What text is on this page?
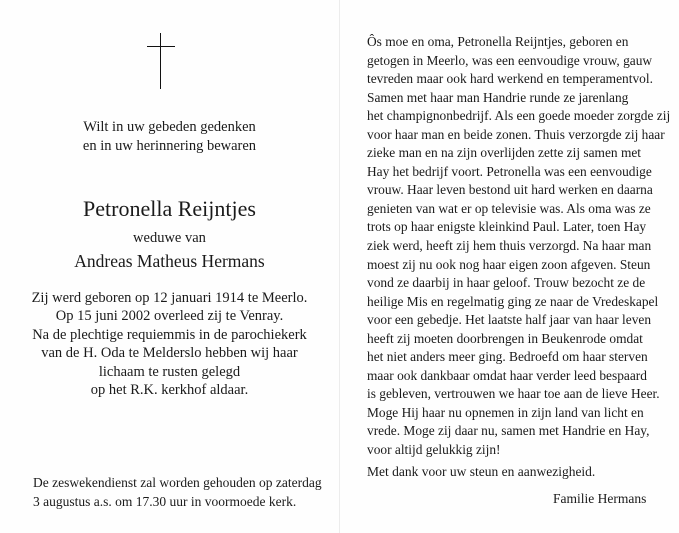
Wilt in uw gebeden gedenken
en in uw herinnering bewaren
Petronella Reijntjes
weduwe van
Andreas Matheus Hermans
Zij werd geboren op 12 januari 1914 te Meerlo.
Op 15 juni 2002 overleed zij te Venray.
Na de plechtige requiemmis in de parochiekerk
van de H. Oda te Melderslo hebben wij haar
lichaam te rusten gelegd
op het R.K. kerkhof aldaar.
De zeswekendienst zal worden gehouden op zaterdag
3 augustus a.s. om 17.30 uur in voormoede kerk.
Ôs moe en oma, Petronella Reijntjes, geboren en
getogen in Meerlo, was een eenvoudige vrouw, gauw
tevreden maar ook hard werkend en temperamentvol.
Samen met haar man Handrie runde ze jarenlang
het champignonbedrijf. Als een goede moeder zorgde zij
voor haar man en beide zonen. Thuis verzorgde zij haar
zieke man en na zijn overlijden zette zij samen met
Hay het bedrijf voort. Petronella was een eenvoudige
vrouw. Haar leven bestond uit hard werken en daarna
genieten van wat er op televisie was. Als oma was ze
trots op haar enigste kleinkind Paul. Later, toen Hay
ziek werd, heeft zij hem thuis verzorgd. Na haar man
moest zij nu ook nog haar eigen zoon afgeven. Steun
vond ze daarbij in haar geloof. Trouw bezocht ze de
heilige Mis en regelmatig ging ze naar de Vredeskapel
voor een gebedje. Het laatste half jaar van haar leven
heeft zij moeten doorbrengen in Beukenrode omdat
het niet anders meer ging. Bedroefd om haar sterven
maar ook dankbaar omdat haar verder leed bespaard
is gebleven, vertrouwen we haar toe aan de lieve Heer.
Moge Hij haar nu opnemen in zijn land van licht en
vrede. Moge zij daar nu, samen met Handrie en Hay,
voor altijd gelukkig zijn!
Met dank voor uw steun en aanwezigheid.
Familie Hermans
